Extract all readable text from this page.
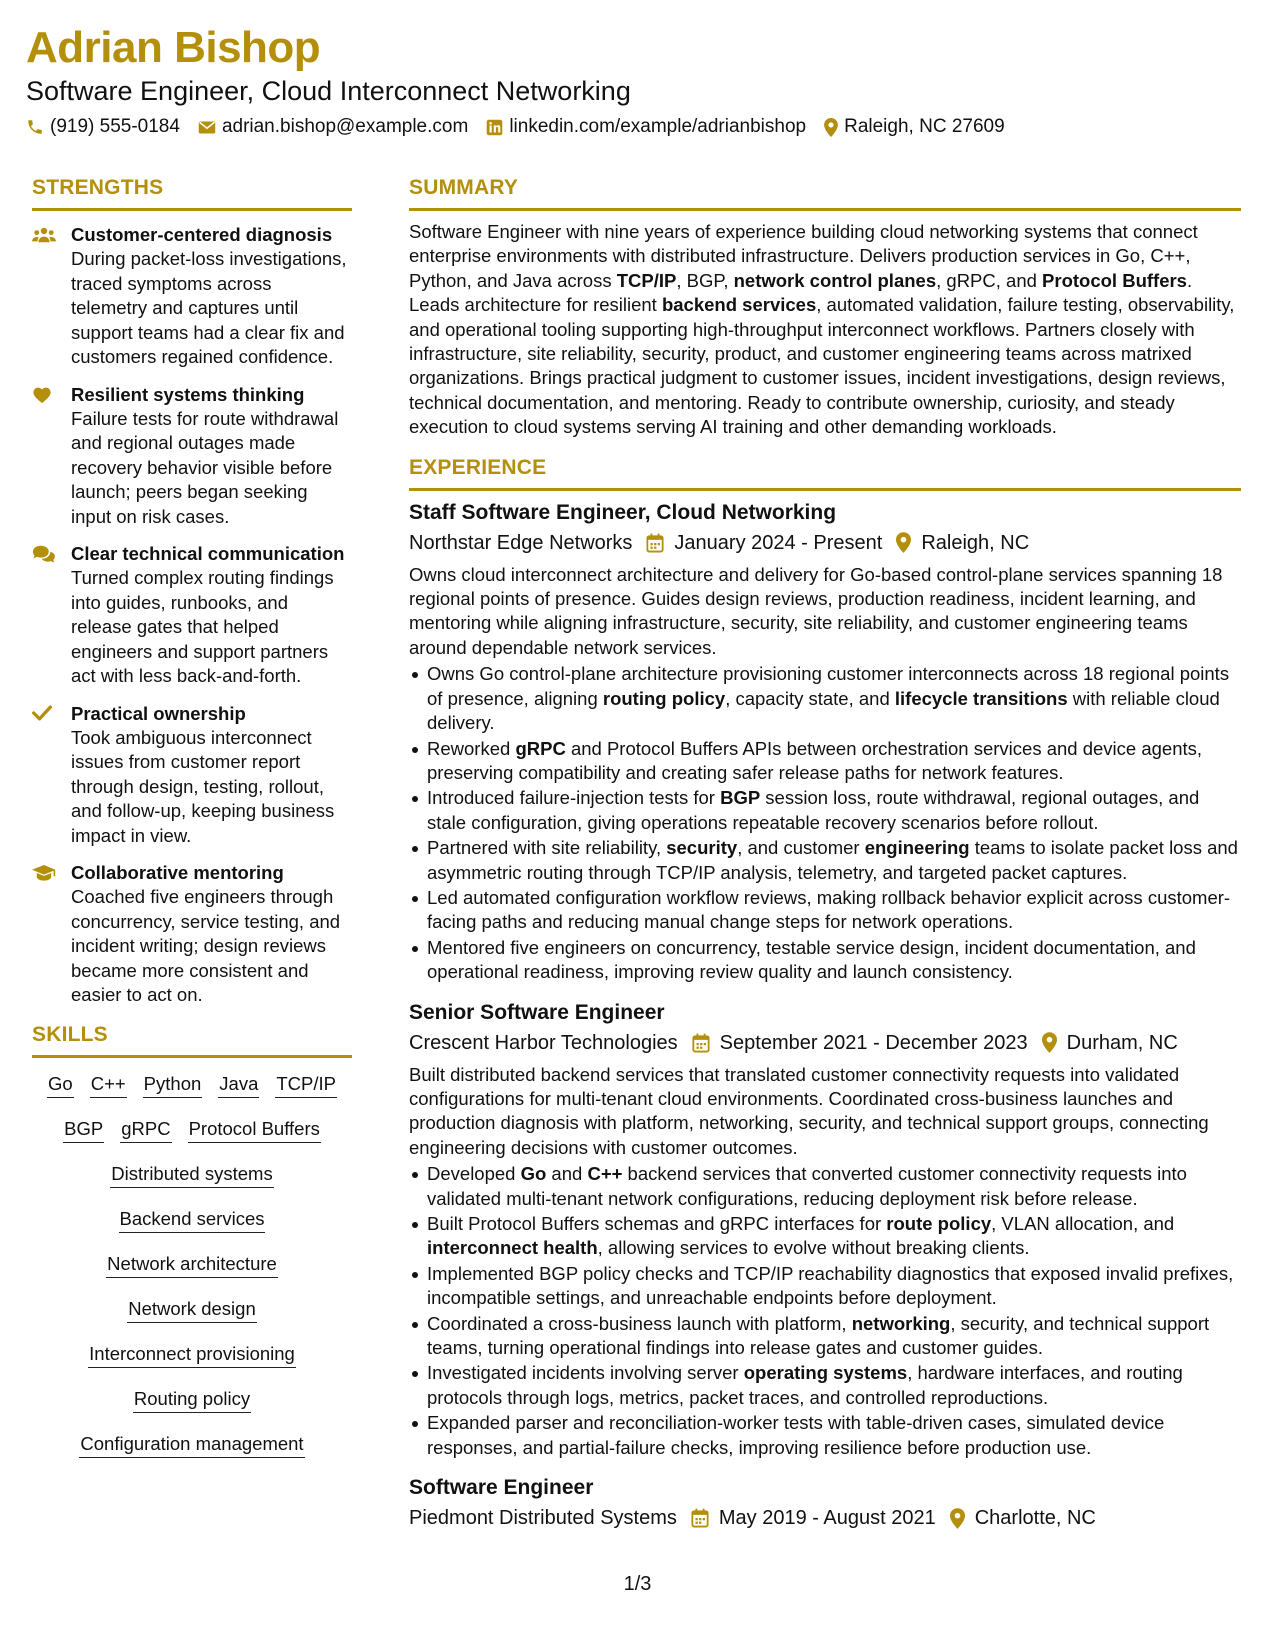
Adrian Bishop
Software Engineer, Cloud Interconnect Networking
(919) 555-0184 adrian.bishop@example.com linkedin.com/example/adrianbishop Raleigh, NC 27609
STRENGTHS
Customer-centered diagnosis
During packet-loss investigations, traced symptoms across telemetry and captures until support teams had a clear fix and customers regained confidence.
Resilient systems thinking
Failure tests for route withdrawal and regional outages made recovery behavior visible before launch; peers began seeking input on risk cases.
Clear technical communication
Turned complex routing findings into guides, runbooks, and release gates that helped engineers and support partners act with less back-and-forth.
Practical ownership
Took ambiguous interconnect issues from customer report through design, testing, rollout, and follow-up, keeping business impact in view.
Collaborative mentoring
Coached five engineers through concurrency, service testing, and incident writing; design reviews became more consistent and easier to act on.
SKILLS
Go C++ Python Java TCP/IP
BGP gRPC Protocol Buffers
Distributed systems
Backend services
Network architecture
Network design
Interconnect provisioning
Routing policy
Configuration management
SUMMARY
Software Engineer with nine years of experience building cloud networking systems that connect enterprise environments with distributed infrastructure. Delivers production services in Go, C++, Python, and Java across TCP/IP, BGP, network control planes, gRPC, and Protocol Buffers. Leads architecture for resilient backend services, automated validation, failure testing, observability, and operational tooling supporting high-throughput interconnect workflows. Partners closely with infrastructure, site reliability, security, product, and customer engineering teams across matrixed organizations. Brings practical judgment to customer issues, incident investigations, design reviews, technical documentation, and mentoring. Ready to contribute ownership, curiosity, and steady execution to cloud systems serving AI training and other demanding workloads.
EXPERIENCE
Staff Software Engineer, Cloud Networking
Northstar Edge Networks January 2024 - Present Raleigh, NC
Owns cloud interconnect architecture and delivery for Go-based control-plane services spanning 18 regional points of presence. Guides design reviews, production readiness, incident learning, and mentoring while aligning infrastructure, security, site reliability, and customer engineering teams around dependable network services.
Owns Go control-plane architecture provisioning customer interconnects across 18 regional points of presence, aligning routing policy, capacity state, and lifecycle transitions with reliable cloud delivery.
Reworked gRPC and Protocol Buffers APIs between orchestration services and device agents, preserving compatibility and creating safer release paths for network features.
Introduced failure-injection tests for BGP session loss, route withdrawal, regional outages, and stale configuration, giving operations repeatable recovery scenarios before rollout.
Partnered with site reliability, security, and customer engineering teams to isolate packet loss and asymmetric routing through TCP/IP analysis, telemetry, and targeted packet captures.
Led automated configuration workflow reviews, making rollback behavior explicit across customer-facing paths and reducing manual change steps for network operations.
Mentored five engineers on concurrency, testable service design, incident documentation, and operational readiness, improving review quality and launch consistency.
Senior Software Engineer
Crescent Harbor Technologies September 2021 - December 2023 Durham, NC
Built distributed backend services that translated customer connectivity requests into validated configurations for multi-tenant cloud environments. Coordinated cross-business launches and production diagnosis with platform, networking, security, and technical support groups, connecting engineering decisions with customer outcomes.
Developed Go and C++ backend services that converted customer connectivity requests into validated multi-tenant network configurations, reducing deployment risk before release.
Built Protocol Buffers schemas and gRPC interfaces for route policy, VLAN allocation, and interconnect health, allowing services to evolve without breaking clients.
Implemented BGP policy checks and TCP/IP reachability diagnostics that exposed invalid prefixes, incompatible settings, and unreachable endpoints before deployment.
Coordinated a cross-business launch with platform, networking, security, and technical support teams, turning operational findings into release gates and customer guides.
Investigated incidents involving server operating systems, hardware interfaces, and routing protocols through logs, metrics, packet traces, and controlled reproductions.
Expanded parser and reconciliation-worker tests with table-driven cases, simulated device responses, and partial-failure checks, improving resilience before production use.
Software Engineer
Piedmont Distributed Systems May 2019 - August 2021 Charlotte, NC
1/3
